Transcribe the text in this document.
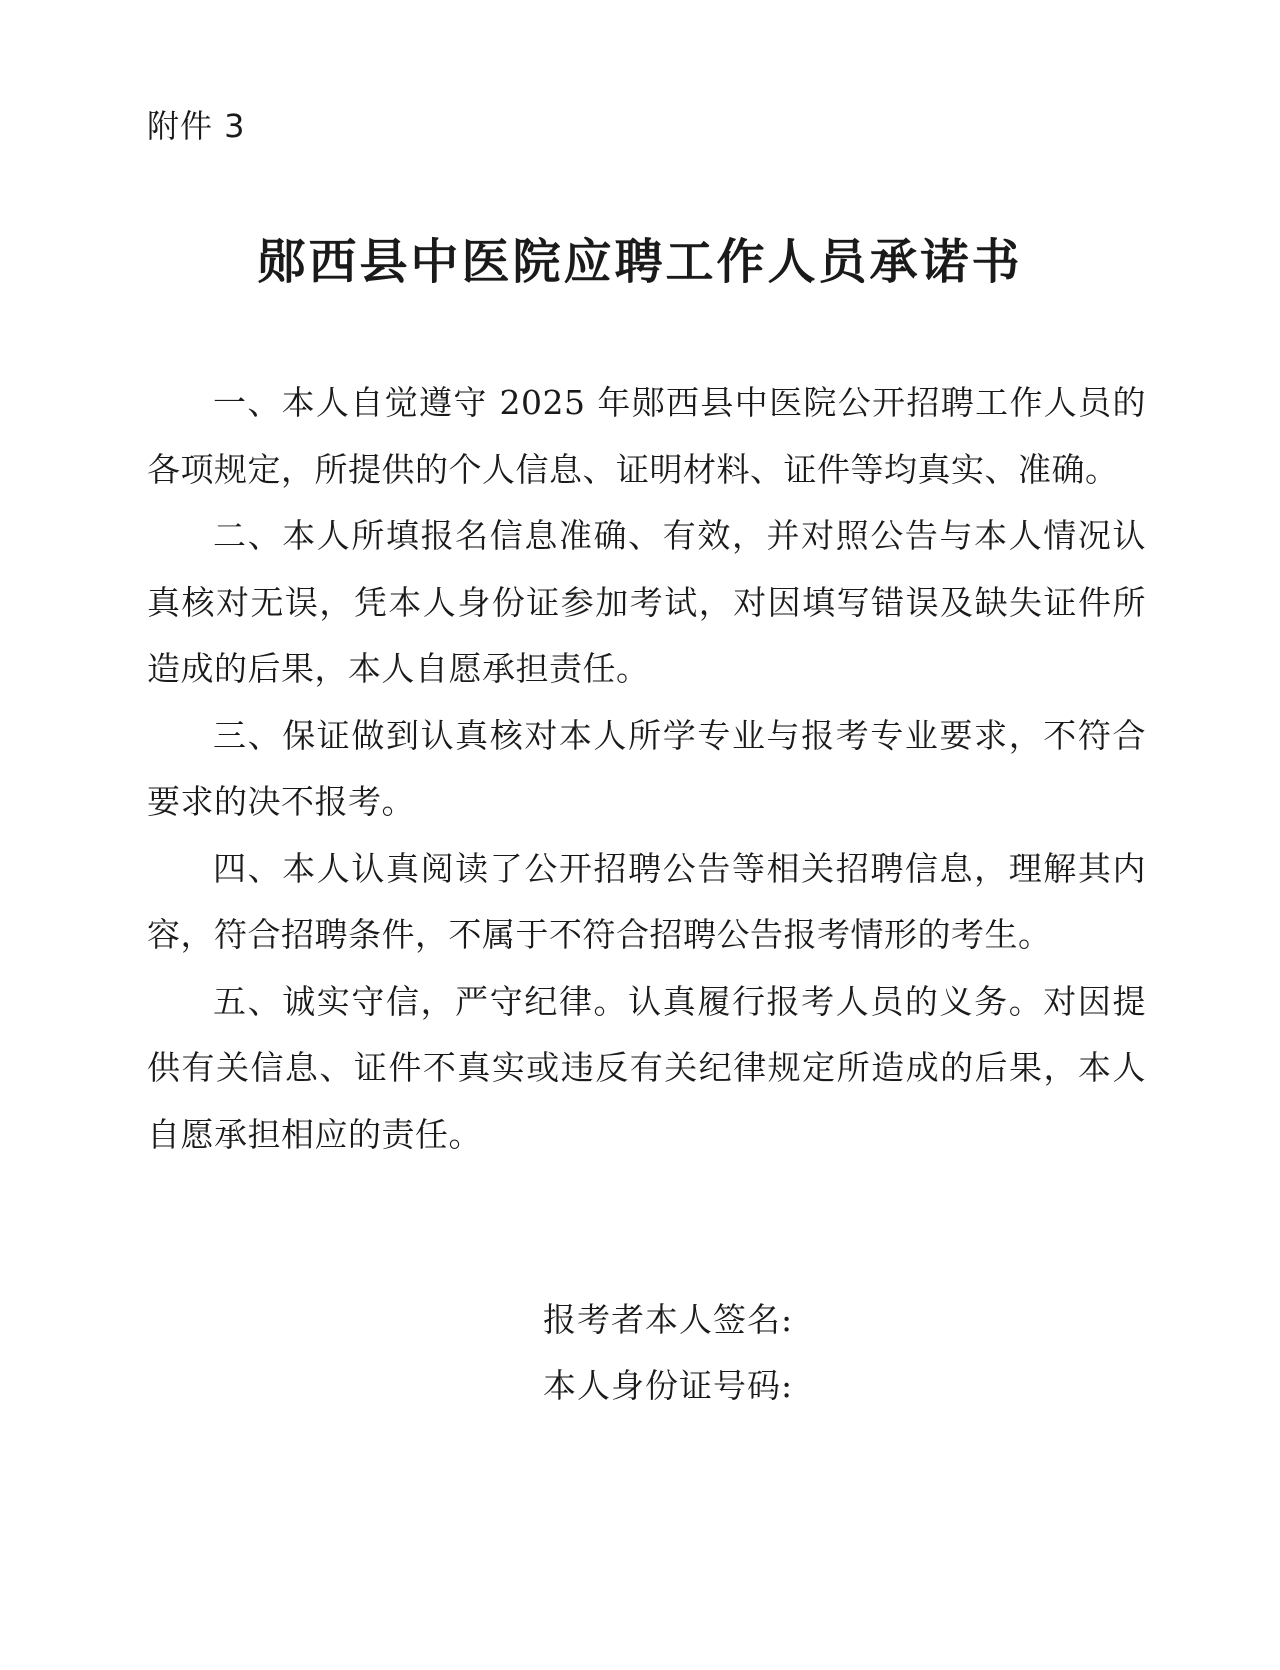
附件 3
郧西县中医院应聘工作人员承诺书

一、本人自觉遵守 2025 年郧西县中医院公开招聘工作人员的各项规定，所提供的个人信息、证明材料、证件等均真实、准确。

二、本人所填报名信息准确、有效，并对照公告与本人情况认真核对无误，凭本人身份证参加考试，对因填写错误及缺失证件所造成的后果，本人自愿承担责任。

三、保证做到认真核对本人所学专业与报考专业要求，不符合要求的决不报考。

四、本人认真阅读了公开招聘公告等相关招聘信息，理解其内容，符合招聘条件，不属于不符合招聘公告报考情形的考生。

五、诚实守信，严守纪律。认真履行报考人员的义务。对因提供有关信息、证件不真实或违反有关纪律规定所造成的后果，本人自愿承担相应的责任。

报考者本人签名:
本人身份证号码:
